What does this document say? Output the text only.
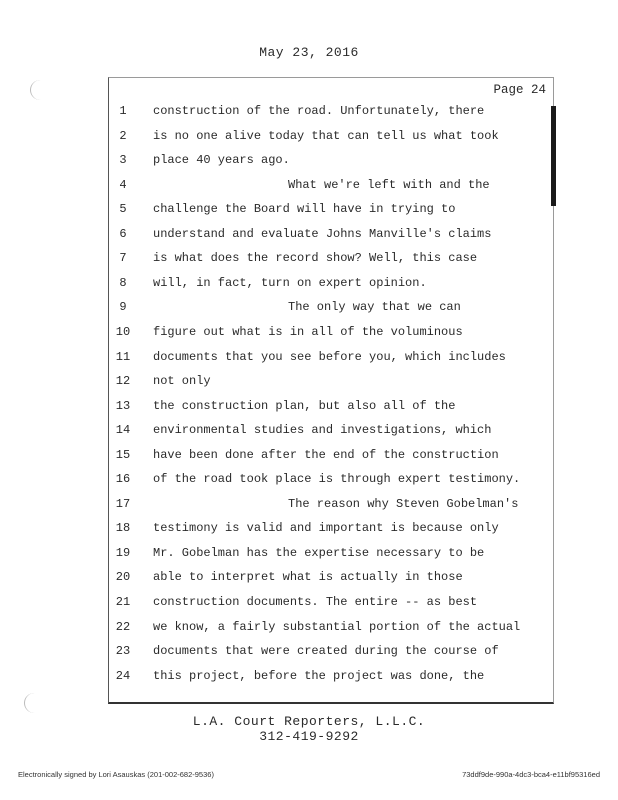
May 23, 2016
Page 24
1	construction of the road. Unfortunately, there
2	is no one alive today that can tell us what took
3	place 40 years ago.
4	What we're left with and the
5	challenge the Board will have in trying to
6	understand and evaluate Johns Manville's claims
7	is what does the record show? Well, this case
8	will, in fact, turn on expert opinion.
9	The only way that we can
10	figure out what is in all of the voluminous
11	documents that you see before you, which includes
12	not only
13	the construction plan, but also all of the
14	environmental studies and investigations, which
15	have been done after the end of the construction
16	of the road took place is through expert testimony.
17	The reason why Steven Gobelman's
18	testimony is valid and important is because only
19	Mr. Gobelman has the expertise necessary to be
20	able to interpret what is actually in those
21	construction documents. The entire -- as best
22	we know, a fairly substantial portion of the actual
23	documents that were created during the course of
24	this project, before the project was done, the
L.A. Court Reporters, L.L.C.
312-419-9292
Electronically signed by Lori Asauskas (201-002-682-9536)	73ddf9de-990a-4dc3-bca4-e11bf95316ed
